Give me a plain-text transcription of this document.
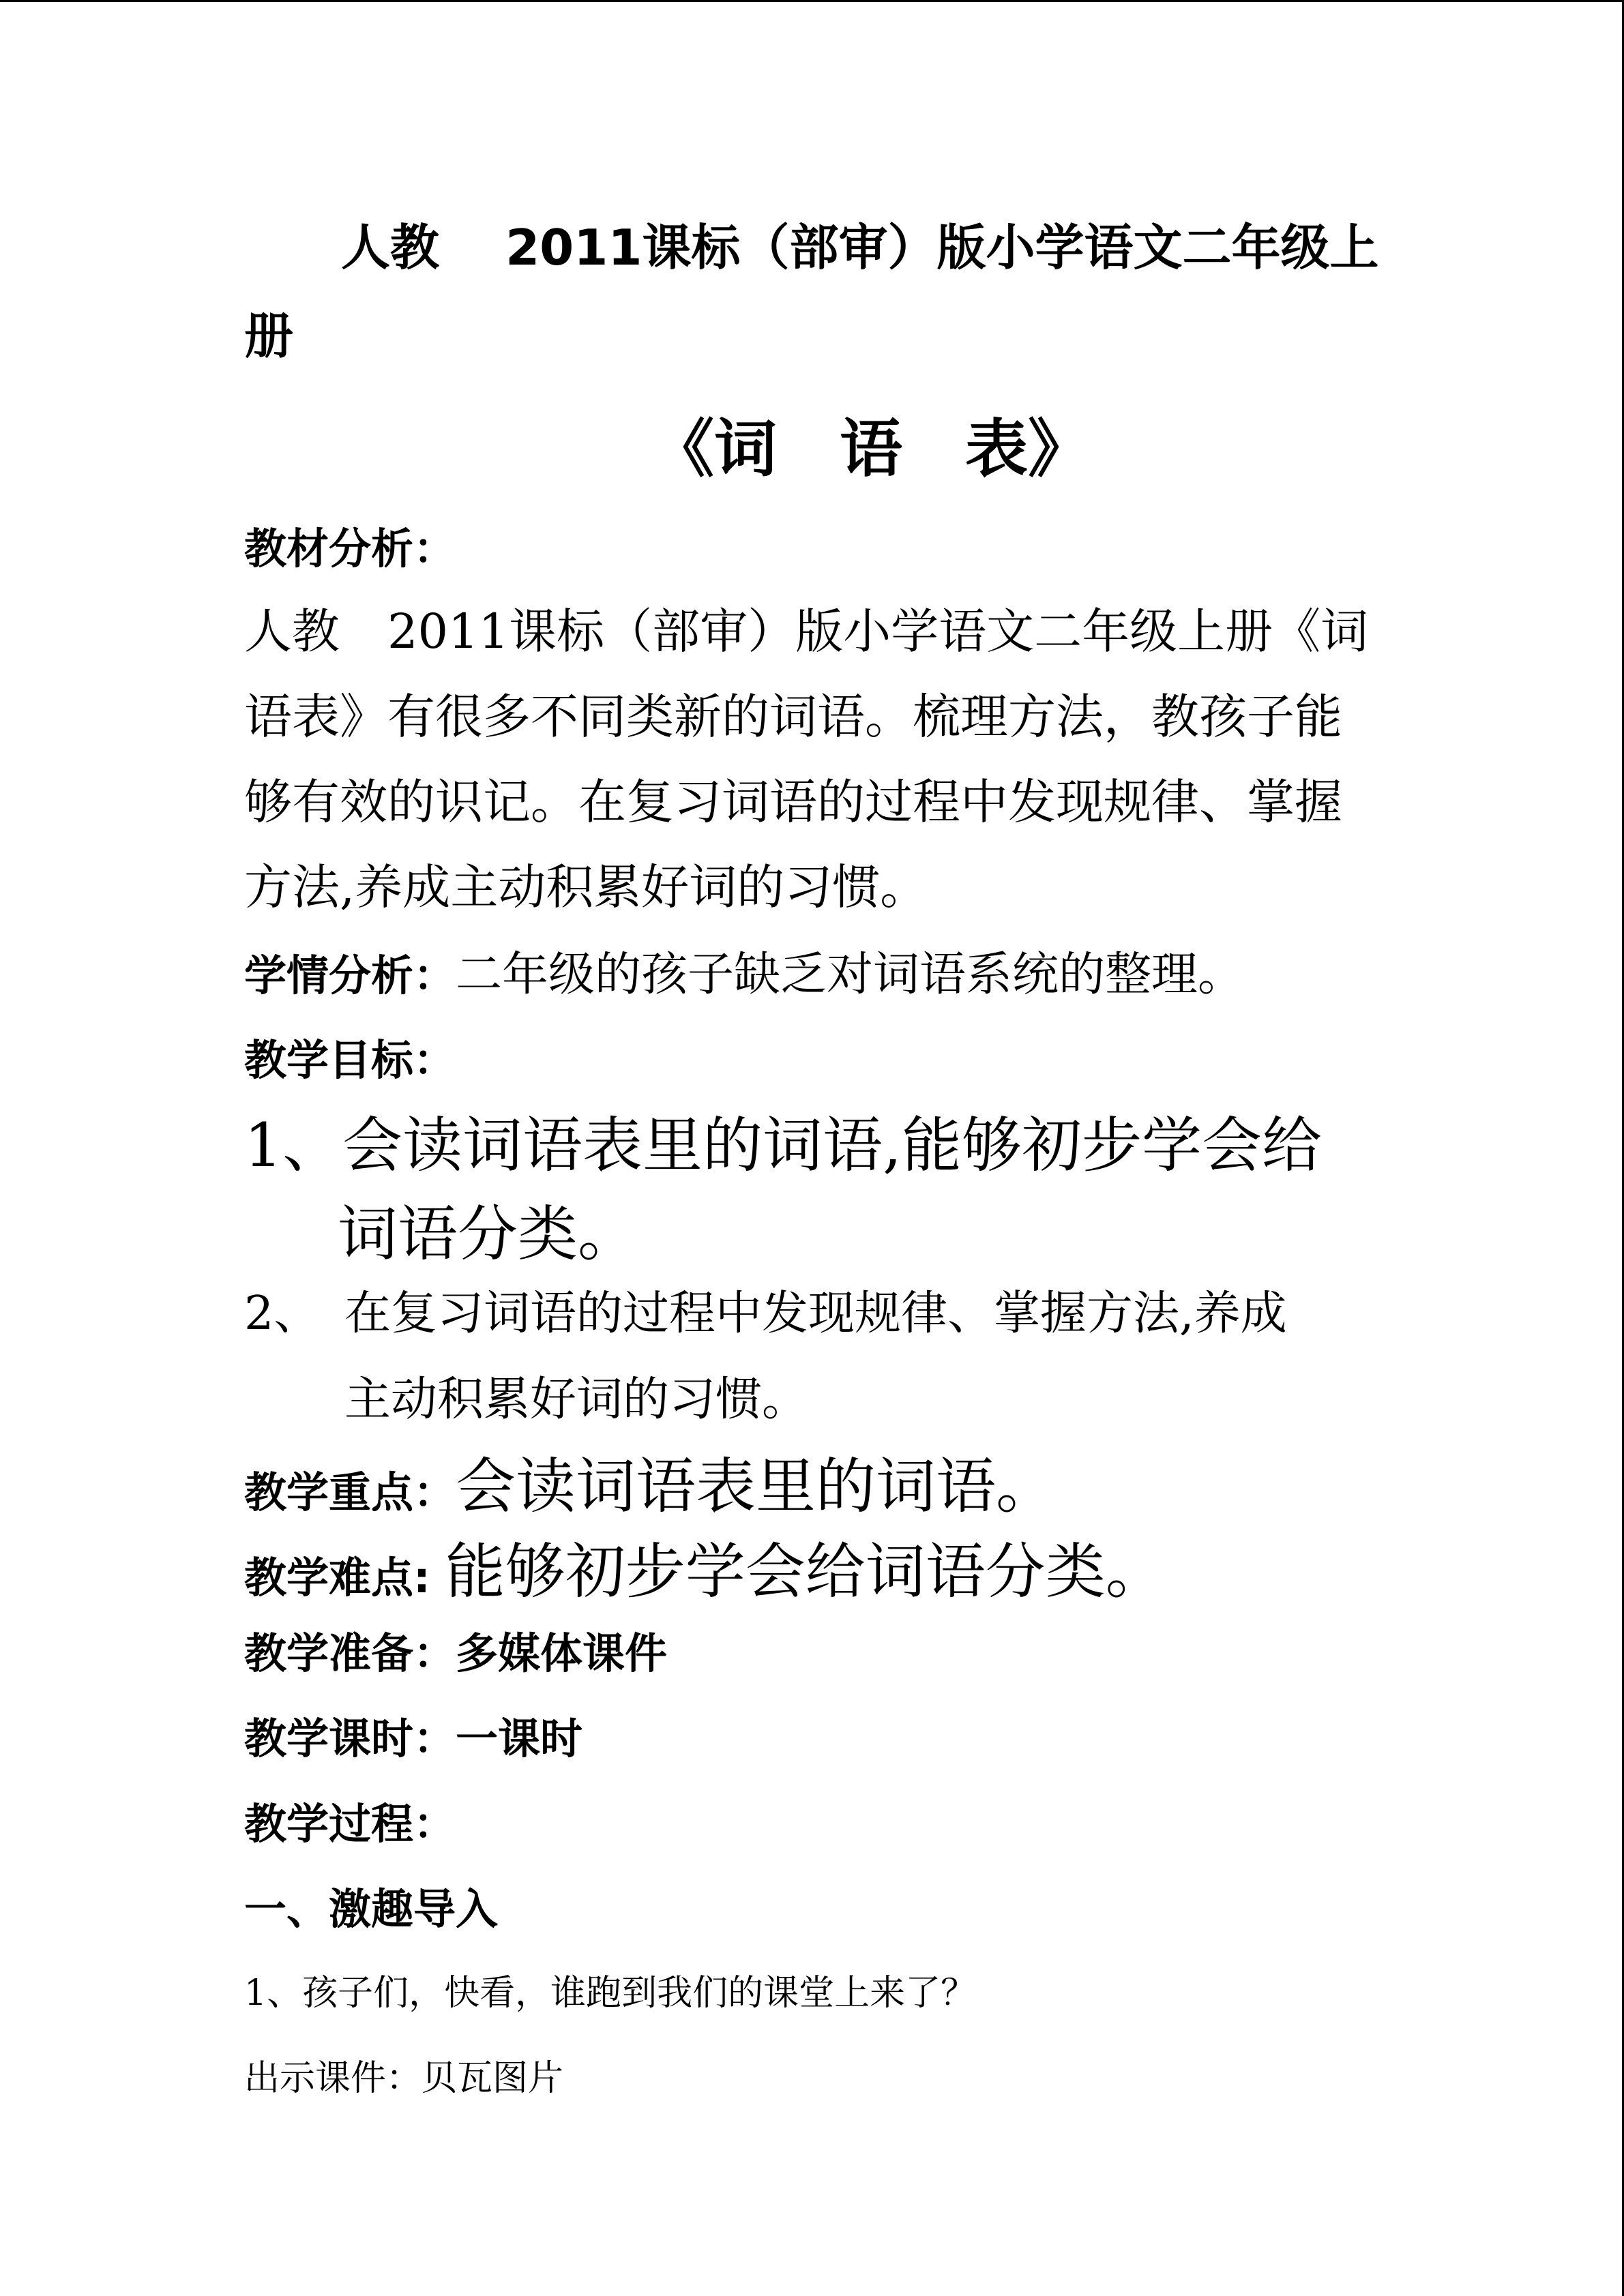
人教　 2011课标（部审）版小学语文二年级上
册
《词　语　表》
教材分析：
人教　2011课标（部审）版小学语文二年级上册《词
语表》有很多不同类新的词语。梳理方法，教孩子能
够有效的识记。在复习词语的过程中发现规律、掌握
方法,养成主动积累好词的习惯。
学情分析：二年级的孩子缺乏对词语系统的整理。
教学目标：
1、会读词语表里的词语,能够初步学会给
词语分类。
2、 在复习词语的过程中发现规律、掌握方法,养成
主动积累好词的习惯。
教学重点：会读词语表里的词语。
教学难点: 能够初步学会给词语分类。
教学准备：多媒体课件
教学课时：一课时
教学过程：
一、激趣导入
1、孩子们，快看，谁跑到我们的课堂上来了？
出示课件：贝瓦图片
